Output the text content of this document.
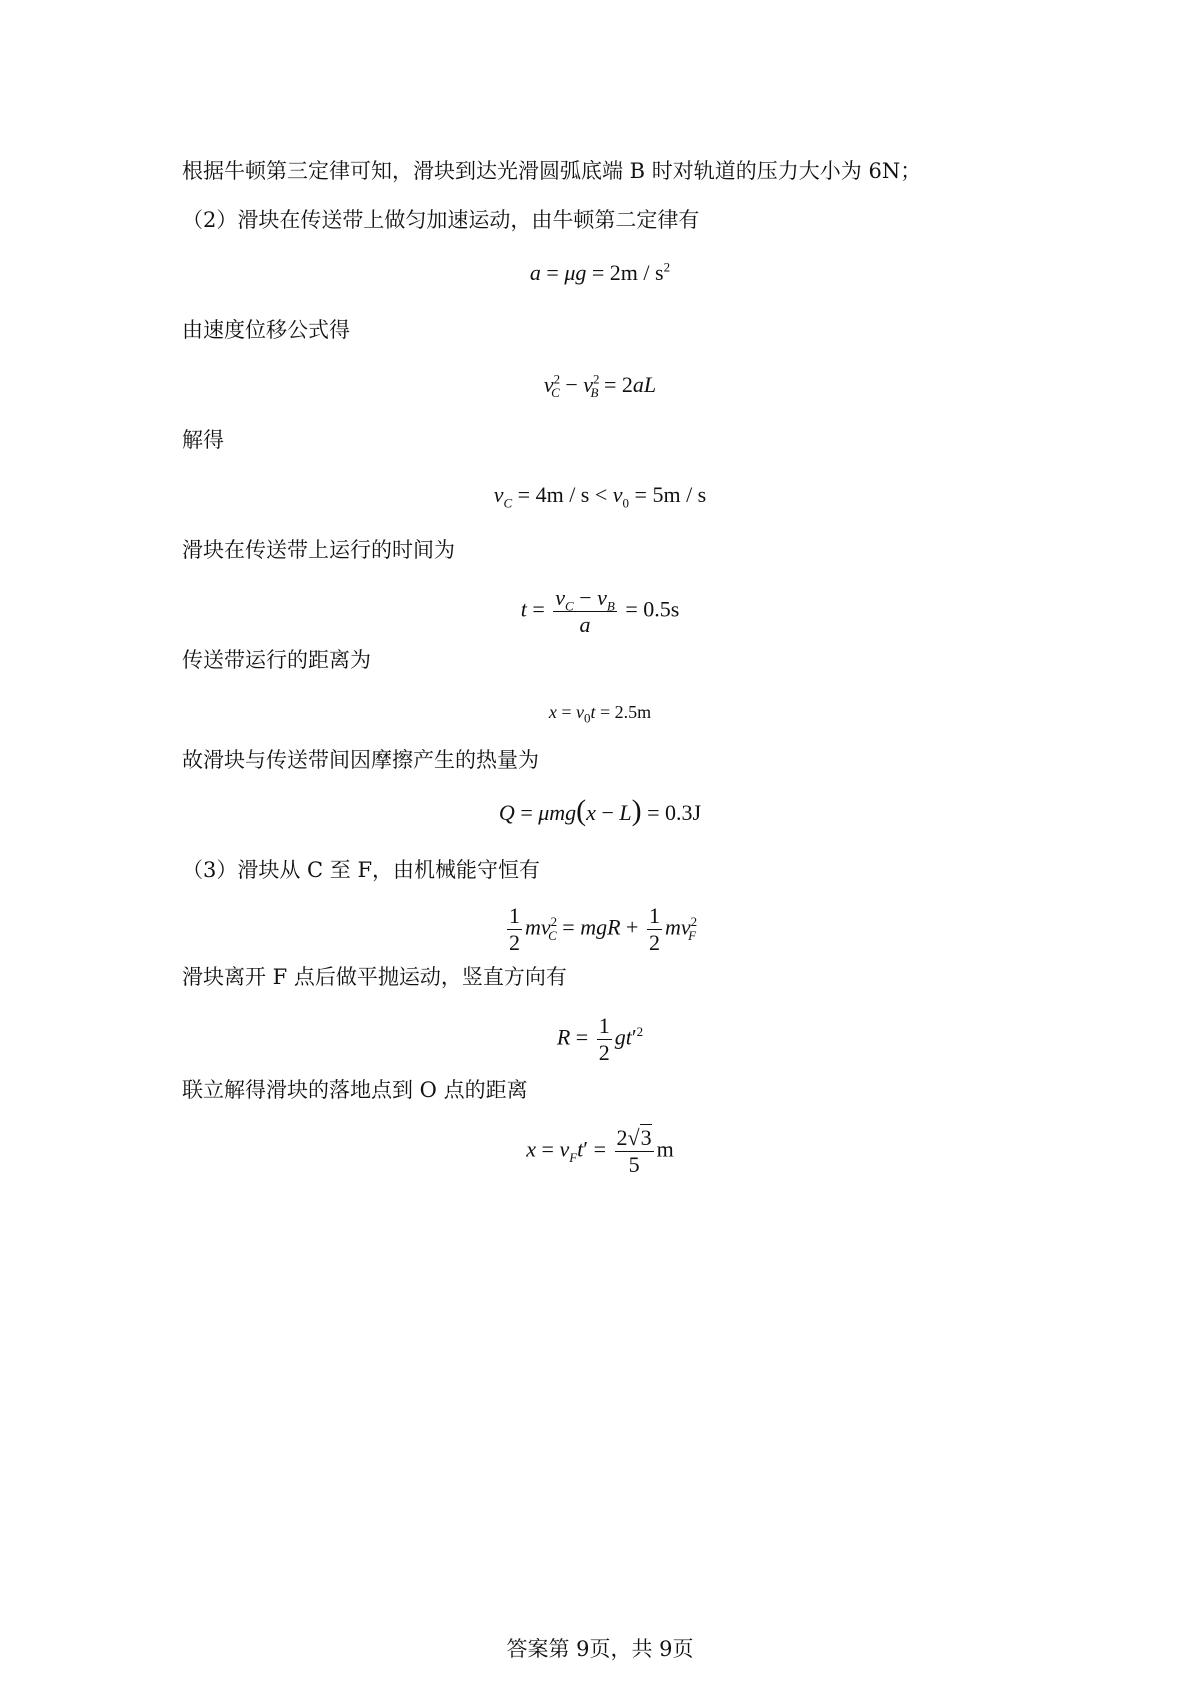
根据牛顿第三定律可知，滑块到达光滑圆弧底端 B 时对轨道的压力大小为 6N；
（2）滑块在传送带上做匀加速运动，由牛顿第二定律有
$a = \mu g = 2m / s^2$
由速度位移公式得
$v^2_C - v^2_B = 2aL$
解得
$v_C = 4m / s < v_0 = 5m / s$
滑块在传送带上运行的时间为
$t = \frac{v_C - v_B}{a} = 0.5s$
传送带运行的距离为
$x = v_0t = 2.5m$
故滑块与传送带间因摩擦产生的热量为
Q = μmg(x − L) = 0.3J
（3）滑块从 C 至 F，由机械能守恒有
$\frac{1}{2} mv^2_C$ = mgR + $\frac{1}{2} mv^2_F$
滑块离开 F 点后做平抛运动，竖直方向有
$R = \frac{1}{2} gt'^2$
联立解得滑块的落地点到 O 点的距离
$x = v_Ft' = \frac{2√3}{5}$ m
答案第 9页，共 9页
